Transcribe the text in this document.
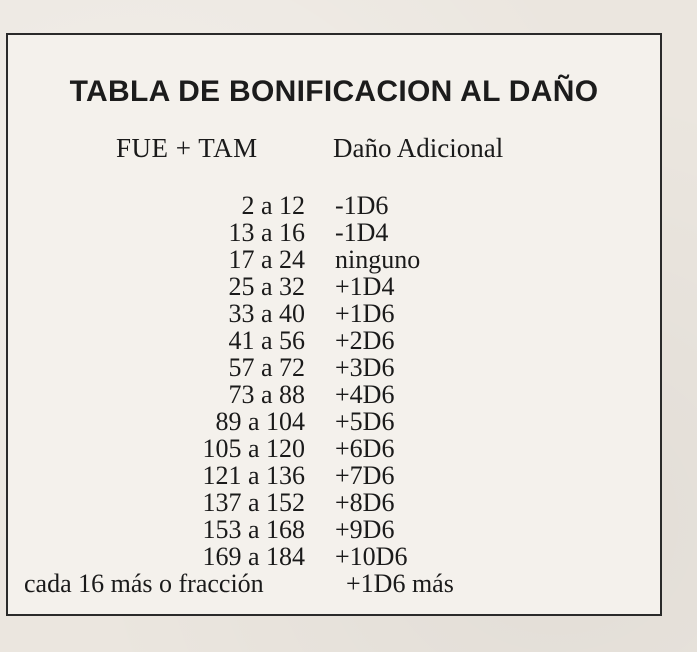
TABLA DE BONIFICACION AL DAÑO
FUE + TAM	Daño Adicional
2 a 12 -1D6
13 a 16 -1D4
17 a 24 ninguno
25 a 32 +1D4
33 a 40 +1D6
41 a 56 +2D6
57 a 72 +3D6
73 a 88 +4D6
89 a 104 +5D6
105 a 120 +6D6
121 a 136 +7D6
137 a 152 +8D6
153 a 168 +9D6
169 a 184 +10D6
cada 16 más o fracción	+1D6 más
